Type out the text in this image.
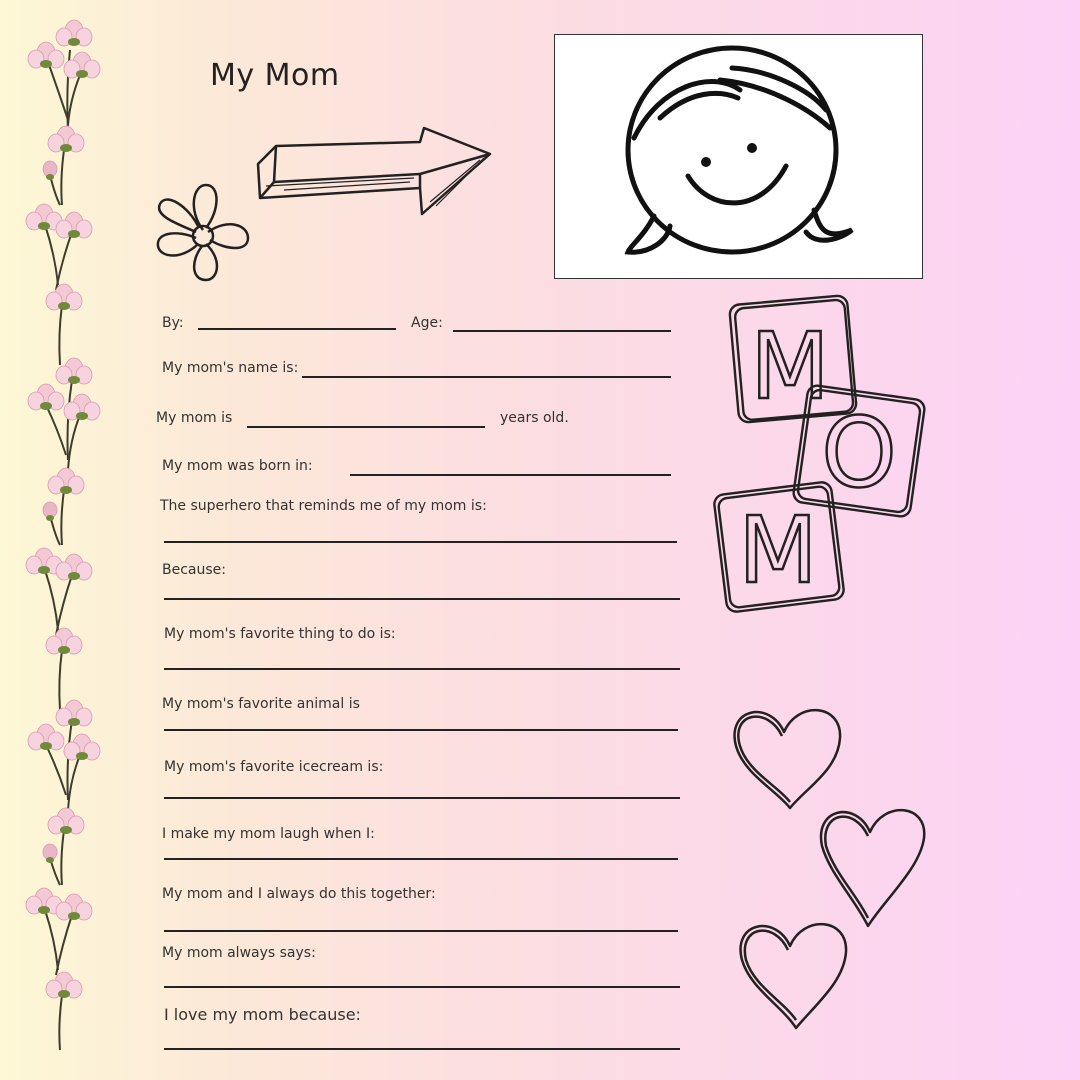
My Mom
M
O
M
By:	Age:
My mom's name is:
My mom is	years old.
My mom was born in:
The superhero that reminds me of my mom is:
Because:
My mom's favorite thing to do is:
My mom's favorite animal is
My mom's favorite icecream is:
I make my mom laugh when I:
My mom and I always do this together:
My mom always says:
I love my mom because:
